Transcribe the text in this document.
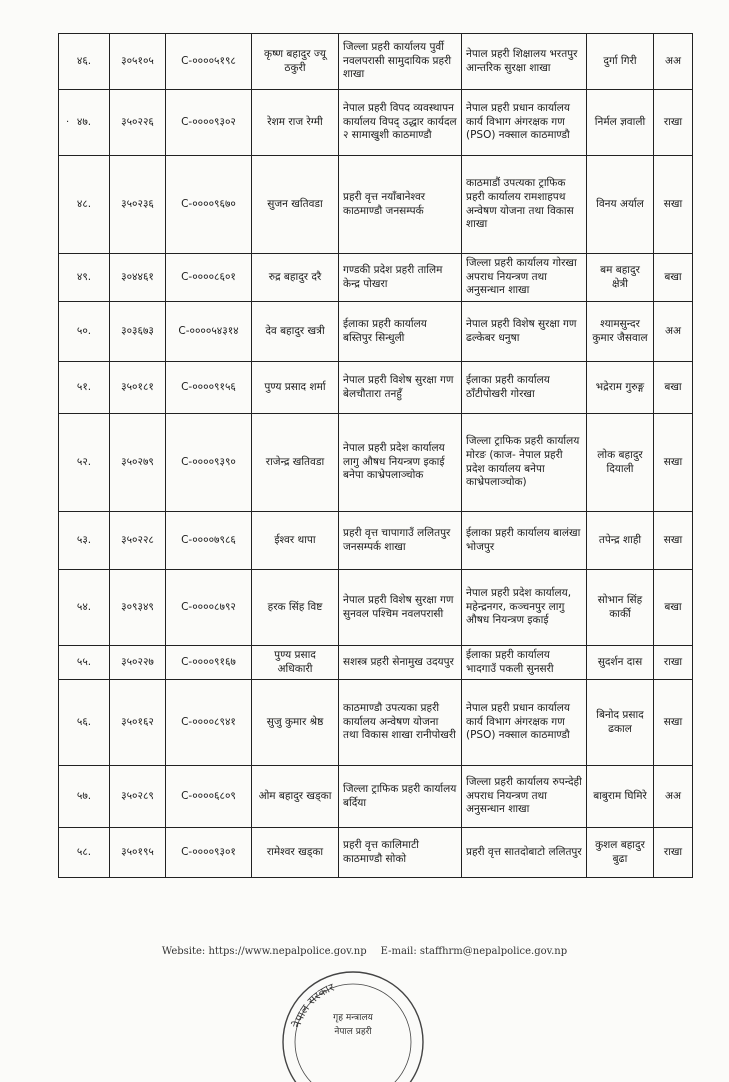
४६.	३०५१०५	C-००००५१९८	कृष्ण बहादुर ज्यू ठकुरी	जिल्ला प्रहरी कार्यालय पुर्वी नवलपरासी सामुदायिक प्रहरी शाखा	नेपाल प्रहरी शिक्षालय भरतपुर आन्तरिक सुरक्षा शाखा	दुर्गा गिरी	अअ
४७.	३५०२२६	C-००००९३०२	रेशम राज रेग्मी	नेपाल प्रहरी विपद व्यवस्थापन कार्यालय विपद् उद्धार कार्यदल २ सामाखुशी काठमाण्डौ	नेपाल प्रहरी प्रधान कार्यालय कार्य विभाग अंगरक्षक गण (PSO) नक्साल काठमाण्डौ	निर्मल ज्ञवाली	राखा
४८.	३५०२३६	C-००००९६७०	सुजन खतिवडा	प्रहरी वृत्त नयाँबानेश्वर काठमाण्डौ जनसम्पर्क	काठमाडौं उपत्यका ट्राफिक प्रहरी कार्यालय रामशाहपथ अन्वेषण योजना तथा विकास शाखा	विनय अर्याल	सखा
४९.	३०४४६१	C-००००८६०१	रुद्र बहादुर दरै	गण्डकी प्रदेश प्रहरी तालिम केन्द्र पोखरा	जिल्ला प्रहरी कार्यालय गोरखा अपराध नियन्त्रण तथा अनुसन्धान शाखा	बम बहादुर क्षेत्री	बखा
५०.	३०३६७३	C-००००५४३१४	देव बहादुर खत्री	ईलाका प्रहरी कार्यालय बस्तिपुर सिन्धुली	नेपाल प्रहरी विशेष सुरक्षा गण ढल्केबर धनुषा	श्यामसुन्दर कुमार जैसवाल	अअ
५१.	३५०१८१	C-००००९१५६	पुण्य प्रसाद शर्मा	नेपाल प्रहरी विशेष सुरक्षा गण बेलचौतारा तनहुँ	ईलाका प्रहरी कार्यालय ठाँटीपोखरी गोरखा	भद्रेराम गुरुङ्ग	बखा
५२.	३५०२७९	C-००००९३९०	राजेन्द्र खतिवडा	नेपाल प्रहरी प्रदेश कार्यालय लागु औषध नियन्त्रण इकाई बनेपा काभ्रेपलाञ्चोक	जिल्ला ट्राफिक प्रहरी कार्यालय मोरङ (काज- नेपाल प्रहरी प्रदेश कार्यालय बनेपा काभ्रेपलाञ्चोक)	लोक बहादुर दियाली	सखा
५३.	३५०२२८	C-००००७९८६	ईश्वर थापा	प्रहरी वृत्त चापागाउँ ललितपुर जनसम्पर्क शाखा	ईलाका प्रहरी कार्यालय बालंखा भोजपुर	तपेन्द्र शाही	सखा
५४.	३०९३४९	C-००००८७९२	हरक सिंह विष्ट	नेपाल प्रहरी विशेष सुरक्षा गण सुनवल पश्चिम नवलपरासी	नेपाल प्रहरी प्रदेश कार्यालय, महेन्द्रनगर, कञ्चनपुर लागु औषध नियन्त्रण इकाई	सोभान सिंह कार्की	बखा
५५.	३५०२२७	C-००००९१६७	पुण्य प्रसाद अधिकारी	सशस्त्र प्रहरी सेनामुख उदयपुर	ईलाका प्रहरी कार्यालय भादगाउँ पकली सुनसरी	सुदर्शन दास	राखा
५६.	३५०१६२	C-००००८९४१	सुजु कुमार श्रेष्ठ	काठमाण्डौ उपत्यका प्रहरी कार्यालय अन्वेषण योजना तथा विकास शाखा रानीपोखरी	नेपाल प्रहरी प्रधान कार्यालय कार्य विभाग अंगरक्षक गण (PSO) नक्साल काठमाण्डौ	बिनोद प्रसाद ढकाल	सखा
५७.	३५०२८९	C-००००६८०९	ओम बहादुर खड्का	जिल्ला ट्राफिक प्रहरी कार्यालय बर्दिया	जिल्ला प्रहरी कार्यालय रुपन्देही अपराध नियन्त्रण तथा अनुसन्धान शाखा	बाबुराम घिमिरे	अअ
५८.	३५०१९५	C-००००९३०१	रामेश्वर खड्का	प्रहरी वृत्त कालिमाटी काठमाण्डौ सोको	प्रहरी वृत्त सातदोबाटो ललितपुर	कुशल बहादुर बुढा	राखा
·
Website: https://www.nepalpolice.gov.np E-mail: staffhrm@nepalpolice.gov.np
नेपाल सरकार
गृह मन्त्रालय
नेपाल प्रहरी
